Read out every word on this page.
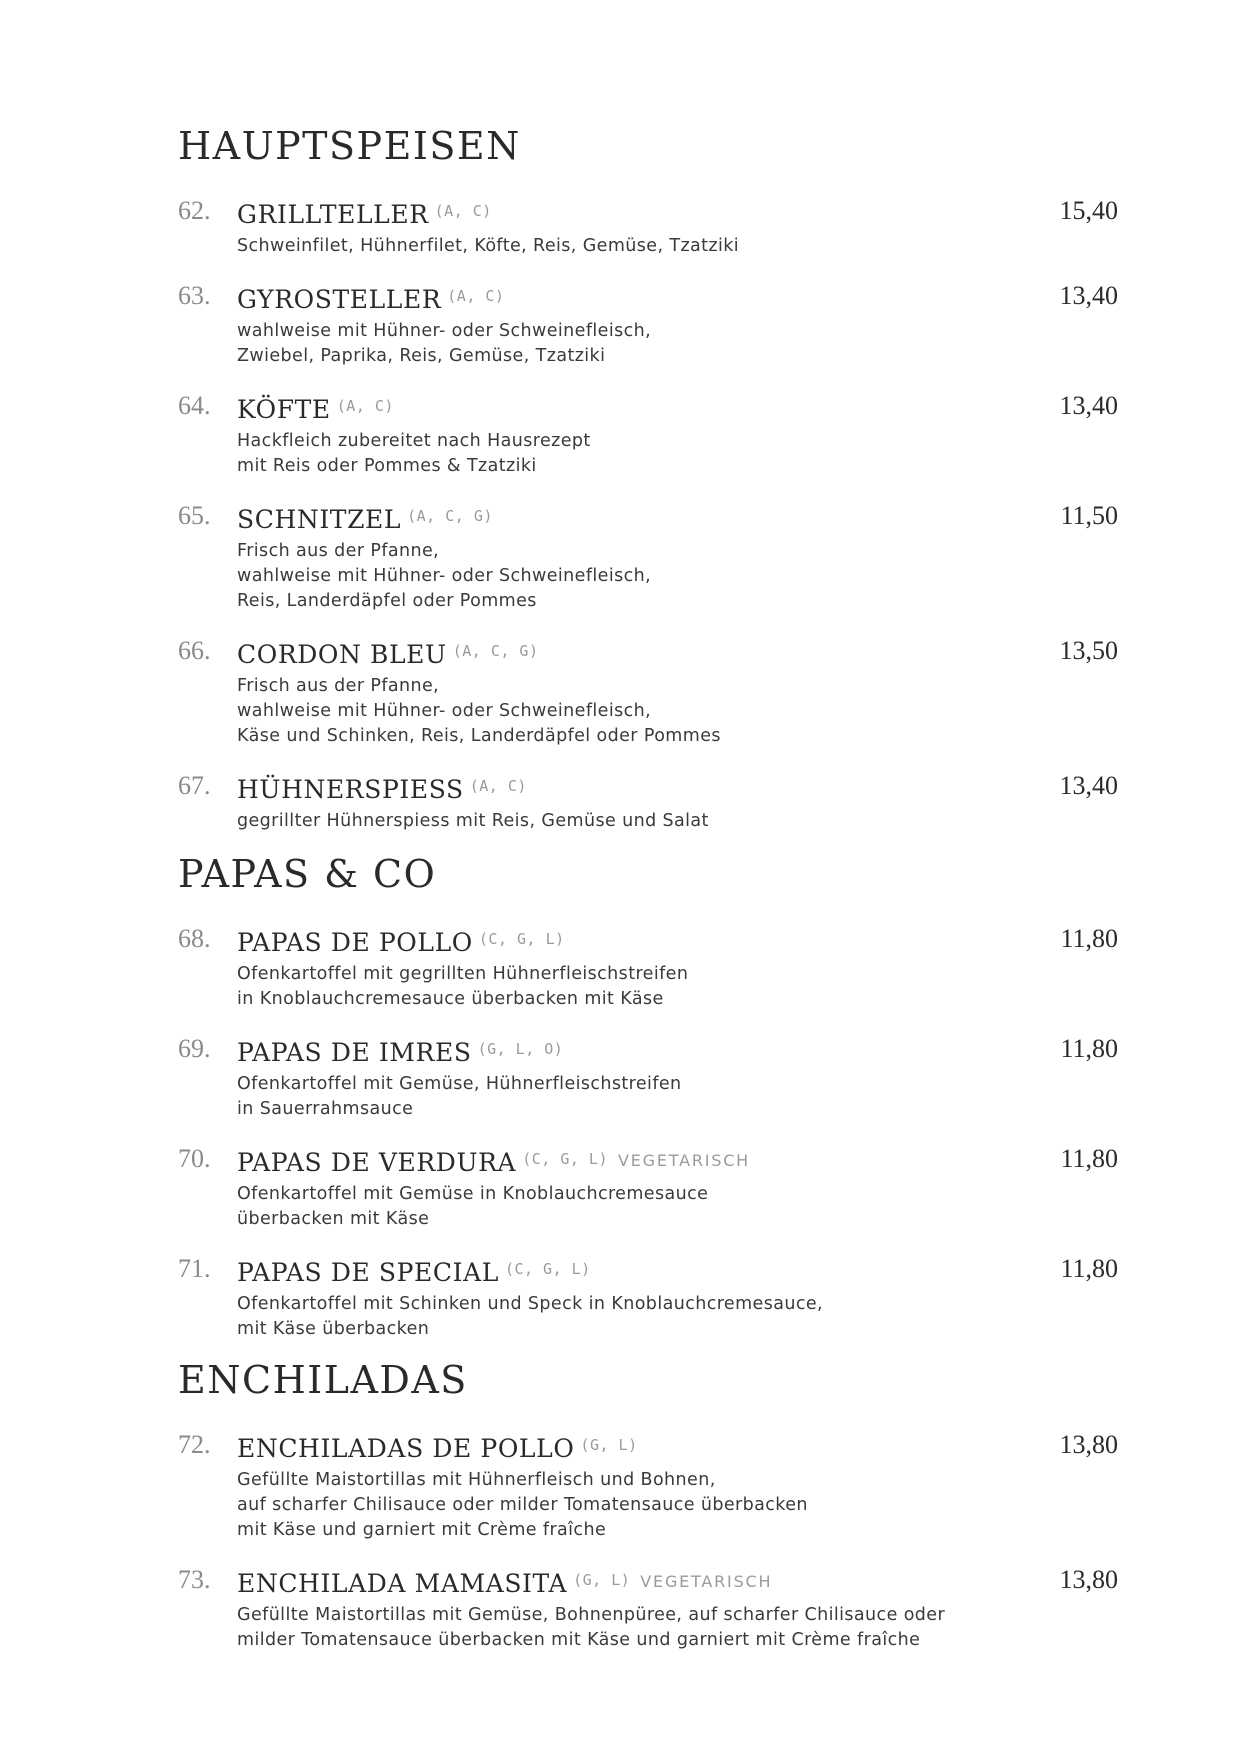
HAUPTSPEISEN
62.	GRILLTELLER (A, C)
Schweinfilet, Hühnerfilet, Köfte, Reis, Gemüse, Tzatziki
15,40
63.	GYROSTELLER (A, C)
wahlweise mit Hühner- oder Schweinefleisch,
Zwiebel, Paprika, Reis, Gemüse, Tzatziki
13,40
64.	KÖFTE (A, C)
Hackfleich zubereitet nach Hausrezept
mit Reis oder Pommes & Tzatziki
13,40
65.	SCHNITZEL (A, C, G)
Frisch aus der Pfanne,
wahlweise mit Hühner- oder Schweinefleisch,
Reis, Landerdäpfel oder Pommes
11,50
66.	CORDON BLEU (A, C, G)
Frisch aus der Pfanne,
wahlweise mit Hühner- oder Schweinefleisch,
Käse und Schinken, Reis, Landerdäpfel oder Pommes
13,50
67.	HÜHNERSPIESS (A, C)
gegrillter Hühnerspiess mit Reis, Gemüse und Salat
13,40
PAPAS & CO
68.	PAPAS DE POLLO (C, G, L)
Ofenkartoffel mit gegrillten Hühnerfleischstreifen
in Knoblauchcremesauce überbacken mit Käse
11,80
69.	PAPAS DE IMRES (G, L, O)
Ofenkartoffel mit Gemüse, Hühnerfleischstreifen
in Sauerrahmsauce
11,80
70.	PAPAS DE VERDURA (C, G, L) VEGETARISCH
Ofenkartoffel mit Gemüse in Knoblauchcremesauce
überbacken mit Käse
11,80
71.	PAPAS DE SPECIAL (C, G, L)
Ofenkartoffel mit Schinken und Speck in Knoblauchcremesauce,
mit Käse überbacken
11,80
ENCHILADAS
72.	ENCHILADAS DE POLLO (G, L)
Gefüllte Maistortillas mit Hühnerfleisch und Bohnen,
auf scharfer Chilisauce oder milder Tomatensauce überbacken
mit Käse und garniert mit Crème fraîche
13,80
73.	ENCHILADA MAMASITA (G, L) VEGETARISCH
Gefüllte Maistortillas mit Gemüse, Bohnenpüree, auf scharfer Chilisauce oder
milder Tomatensauce überbacken mit Käse und garniert mit Crème fraîche
13,80
